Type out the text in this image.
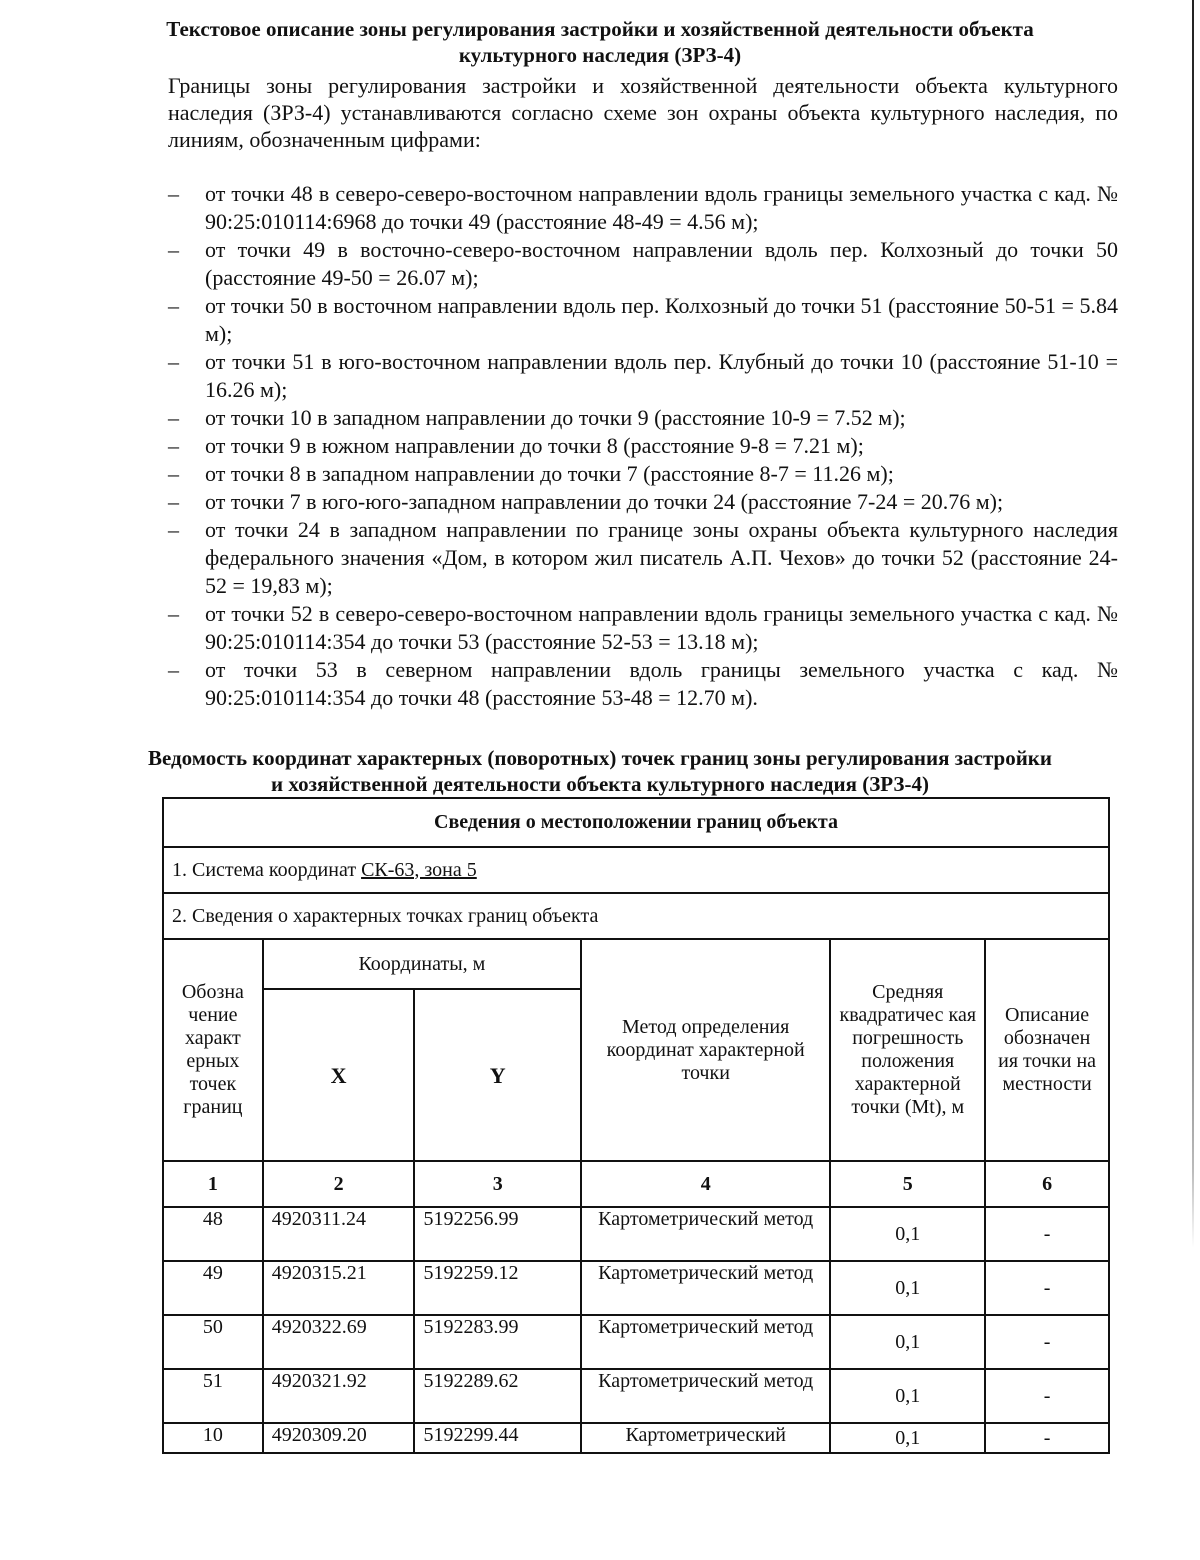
Текстовое описание зоны регулирования застройки и хозяйственной деятельности объекта культурного наследия (ЗРЗ-4)
Границы зоны регулирования застройки и хозяйственной деятельности объекта культурного наследия (ЗРЗ-4) устанавливаются согласно схеме зон охраны объекта культурного наследия, по линиям, обозначенным цифрами:
– от точки 48 в северо-северо-восточном направлении вдоль границы земельного участка с кад. № 90:25:010114:6968 до точки 49 (расстояние 48-49 = 4.56 м);
– от точки 49 в восточно-северо-восточном направлении вдоль пер. Колхозный до точки 50 (расстояние 49-50 = 26.07 м);
– от точки 50 в восточном направлении вдоль пер. Колхозный до точки 51 (расстояние 50-51 = 5.84 м);
– от точки 51 в юго-восточном направлении вдоль пер. Клубный до точки 10 (расстояние 51-10 = 16.26 м);
– от точки 10 в западном направлении до точки 9 (расстояние 10-9 = 7.52 м);
– от точки 9 в южном направлении до точки 8 (расстояние 9-8 = 7.21 м);
– от точки 8 в западном направлении до точки 7 (расстояние 8-7 = 11.26 м);
– от точки 7 в юго-юго-западном направлении до точки 24 (расстояние 7-24 = 20.76 м);
– от точки 24 в западном направлении по границе зоны охраны объекта культурного наследия федерального значения «Дом, в котором жил писатель А.П. Чехов» до точки 52 (расстояние 24-52 = 19,83 м);
– от точки 52 в северо-северо-восточном направлении вдоль границы земельного участка с кад. № 90:25:010114:354 до точки 53 (расстояние 52-53 = 13.18 м);
– от точки 53 в северном направлении вдоль границы земельного участка с кад. № 90:25:010114:354 до точки 48 (расстояние 53-48 = 12.70 м).
Ведомость координат характерных (поворотных) точек границ зоны регулирования застройки и хозяйственной деятельности объекта культурного наследия (ЗРЗ-4)
Сведения о местоположении границ объекта					
1. Система координат СК-63, зона 5					
2. Сведения о характерных точках границ объекта					
Обозна чение характ ерных точек границ	Координаты, м		Метод определения координат характерной точки	Средняя квадратичес кая погрешность положения характерной точки (Mt), м	Описание обозначен ия точки на местности
	X	Y			
1	2	3	4	5	6
48	4920311.24	5192256.99	Картометрический метод	0,1	-
49	4920315.21	5192259.12	Картометрический метод	0,1	-
50	4920322.69	5192283.99	Картометрический метод	0,1	-
51	4920321.92	5192289.62	Картометрический метод	0,1	-
10	4920309.20	5192299.44	Картометрический	0,1	-
